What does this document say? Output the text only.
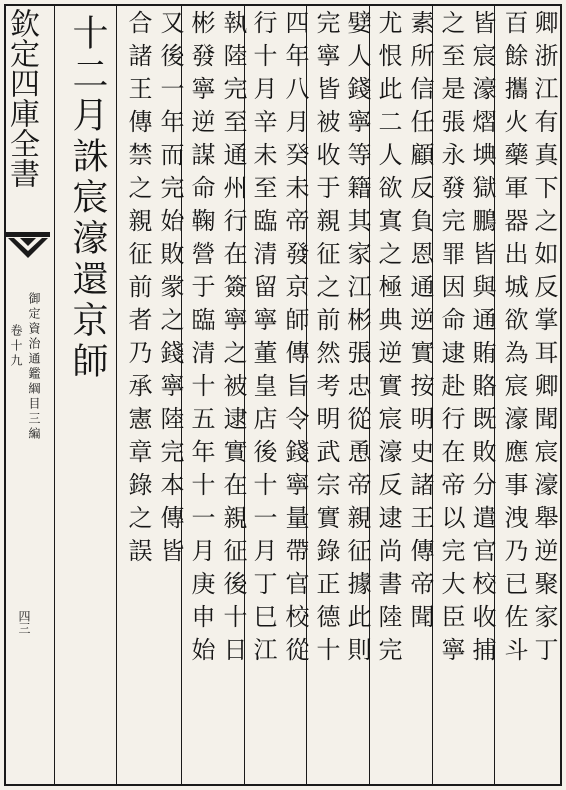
欽定四庫全書
御定資治通鑑綱目三編
卷十九
四三
十二月誅宸濠還京師 合諸王傳禁之親征前者乃承憲章錄之誤 又後一年而完始敗䝉之錢寧陸完本傳皆 彬發寧逆謀命鞠營于臨清十五年十一月庚申始 執陸完至通州行在簽寧之被逮實在親征後十日 行十月辛未至臨清留寧董皇店後十一月丁巳江 四年八月癸未帝發京師傳旨令錢寧量帶官校從 完寧皆被收于親征之前然考明武宗實錄正德十 嬖人錢寧等籍其家江彬張忠從恿帝親征據此則 尤恨此二人欲寘之極典逆實宸濠反逮尚書陸完 素所信任顧反負恩通逆實按明史諸王傳帝聞 之至是張永發完罪因命逮赴行在帝以完大臣寧 皆宸濠熠㙉獄鵬皆與通賄賂既敗分遣官校收捕 百餘攜火藥軍器出城欲為宸濠應事洩乃已佐斗 卿浙江有真下之如反掌耳卿聞宸濠舉逆聚家丁
